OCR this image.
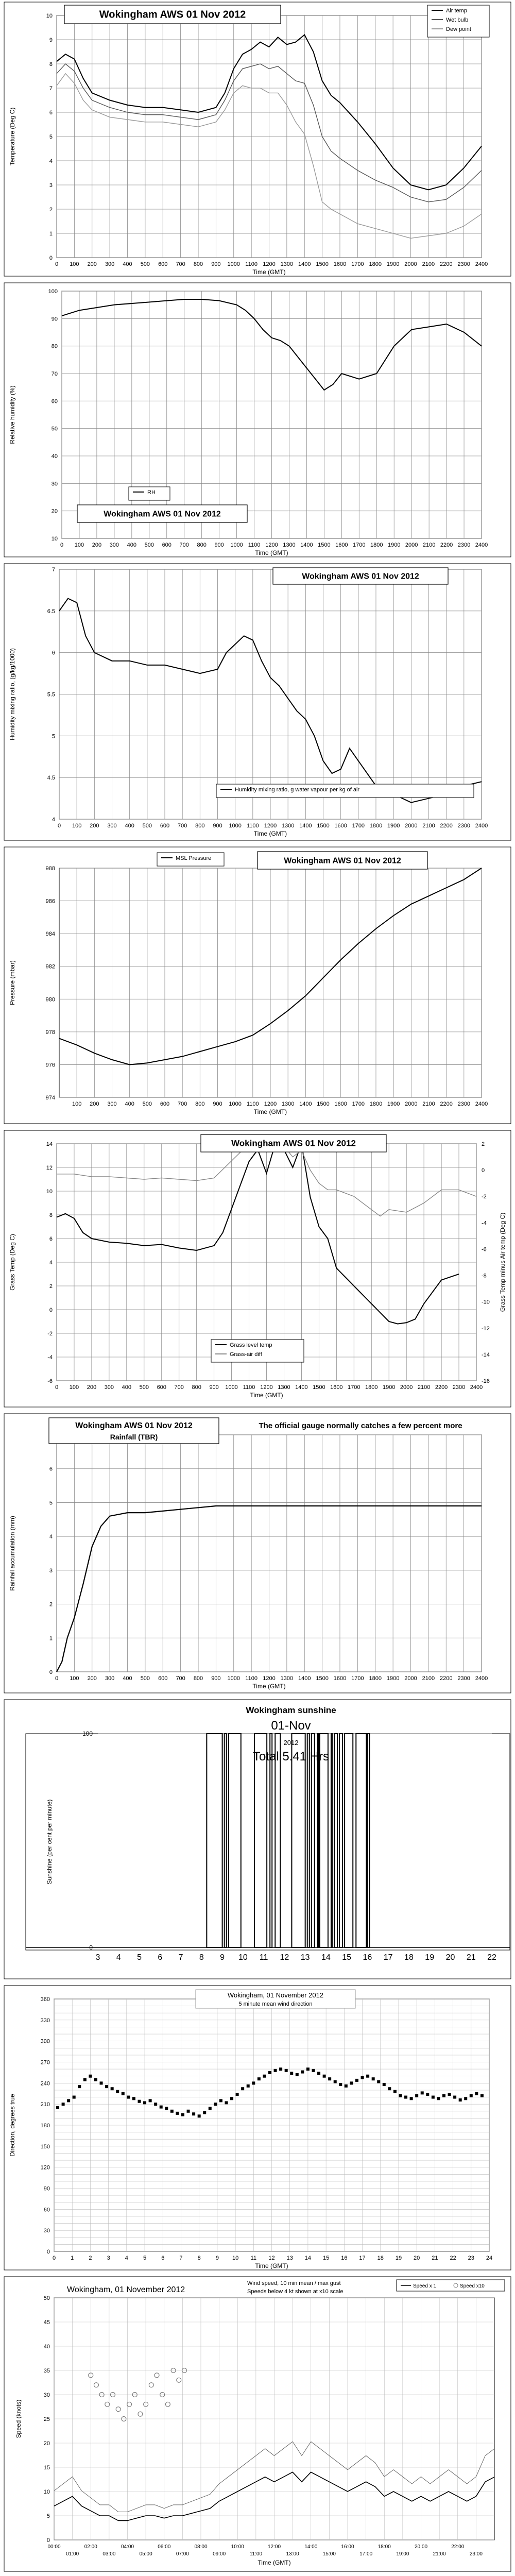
0
1
2
3
4
5
6
7
8
9
10
0 100 200 300 400 500 600 700 800 900 1000 1100 1200 1300 1400 1500 1600 1700 1800 1900 2000 2100 2200 2300 2400
Time (GMT)
Temperature (Deg C)
Wokingham AWS 01 Nov 2012	Air temp
Wet bulb
Dew point
10
20
30
40
50
60
70
80
90
100
0 100 200 300 400 500 600 700 800 900 1000 1100 1200 1300 1400 1500 1600 1700 1800 1900 2000 2100 2200 2300 2400
Time (GMT)
Relative humidity (%)
RH
Wokingham AWS 01 Nov 2012
4
4.5
5
5.5
6
6.5
7
0 100 200 300 400 500 600 700 800 900 1000 1100 1200 1300 1400 1500 1600 1700 1800 1900 2000 2100 2200 2300 2400
Time (GMT)
Humidity mixing ratio, (g/kg/1000)
Wokingham AWS 01 Nov 2012
Humidity mixing ratio, g water vapour per kg of air
974
976
978
980
982
984
986
988
100 200 300 400 500 600 700 800 900 1000 1100 1200 1300 1400 1500 1600 1700 1800 1900 2000 2100 2200 2300 2400
Time (GMT)
Pressure (mbar)
MSL Pressure	Wokingham AWS 01 Nov 2012
-6
-4
-2
0
2
4
6
8
10
12
14
0 100 200 300 400 500 600 700 800 900 1000 1100 1200 1300 1400 1500 1600 1700 1800 1900 2000 2100 2200 2300 2400
Time (GMT)
Grass Temp (Deg C)
-16
-14
-12
-10
-8
-6
-4
-2
0
2
Grass Temp minus Air temp (Deg C)
Wokingham AWS 01 Nov 2012
Grass level temp
Grass-air diff
0
1
2
3
4
5
6
0 100 200 300 400 500 600 700 800 900 1000 1100 1200 1300 1400 1500 1600 1700 1800 1900 2000 2100 2200 2300 2400
Time (GMT)
Rainfall accumulation (mm)
Wokingham AWS 01 Nov 2012
Rainfall (TBR)
The official gauge normally catches a few percent more
Wokingham sunshine
01-Nov
2012
Total 5.41 Hrs
0
100
3 4 5 6 7 8 9 10 11 12 13 14 15 16 17 18 19 20 21 22
Sunshine (per cent per minute)
0
30
60
90
120
150
180
210
240
270
300
330
360
0	1	2	3	4	5	6	7	8	9 10 11 12 13 14 15 16 17 18 19 20 21 22 23 24
Time (GMT)
Direction, degrees true
Wokingham, 01 November 2012
5 minute mean wind direction
0
5
10
15
20
25
30
35
40
45
50
00:00
01:00
02:00
03:00
04:00
05:00
06:00
07:00
08:00
09:00
10:00
11:00
12:00
13:00
14:00
15:00
16:00
17:00
18:00
19:00
20:00
21:00
22:00
23:00
Time (GMT)
Speed (knots)
Wokingham, 01 November 2012
Wind speed, 10 min mean / max gust
Speeds below 4 kt shown at x10 scale
Speed x 1	Speed x10
